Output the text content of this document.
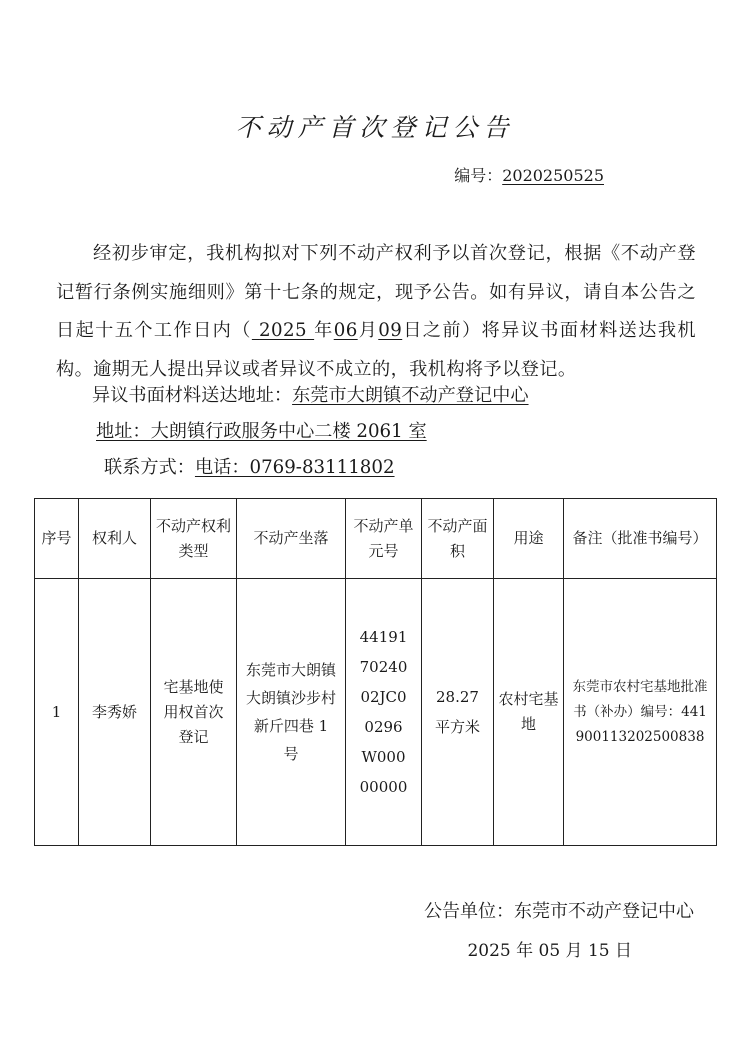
不动产首次登记公告
编号：2020250525
经初步审定，我机构拟对下列不动产权利予以首次登记，根据《不动产登记暂行条例实施细则》第十七条的规定，现予公告。如有异议，请自本公告之日起十五个工作日内（ 2025 年06月09日之前）将异议书面材料送达我机构。逾期无人提出异议或者异议不成立的，我机构将予以登记。
异议书面材料送达地址：东莞市大朗镇不动产登记中心
地址：大朗镇行政服务中心二楼 2061 室
联系方式：电话：0769-83111802
序号	权利人	不动产权利类型	不动产坐落	不动产单元号	不动产面积	用途	备注（批准书编号）
1	李秀娇	宅基地使用权首次登记	东莞市大朗镇大朗镇沙步村新斤四巷 1 号	441917024002JC00296W00000000	28.27 平方米	农村宅基地	东莞市农村宅基地批准书（补办）编号：441900113202500838
公告单位：东莞市不动产登记中心
2025 年 05 月 15 日
